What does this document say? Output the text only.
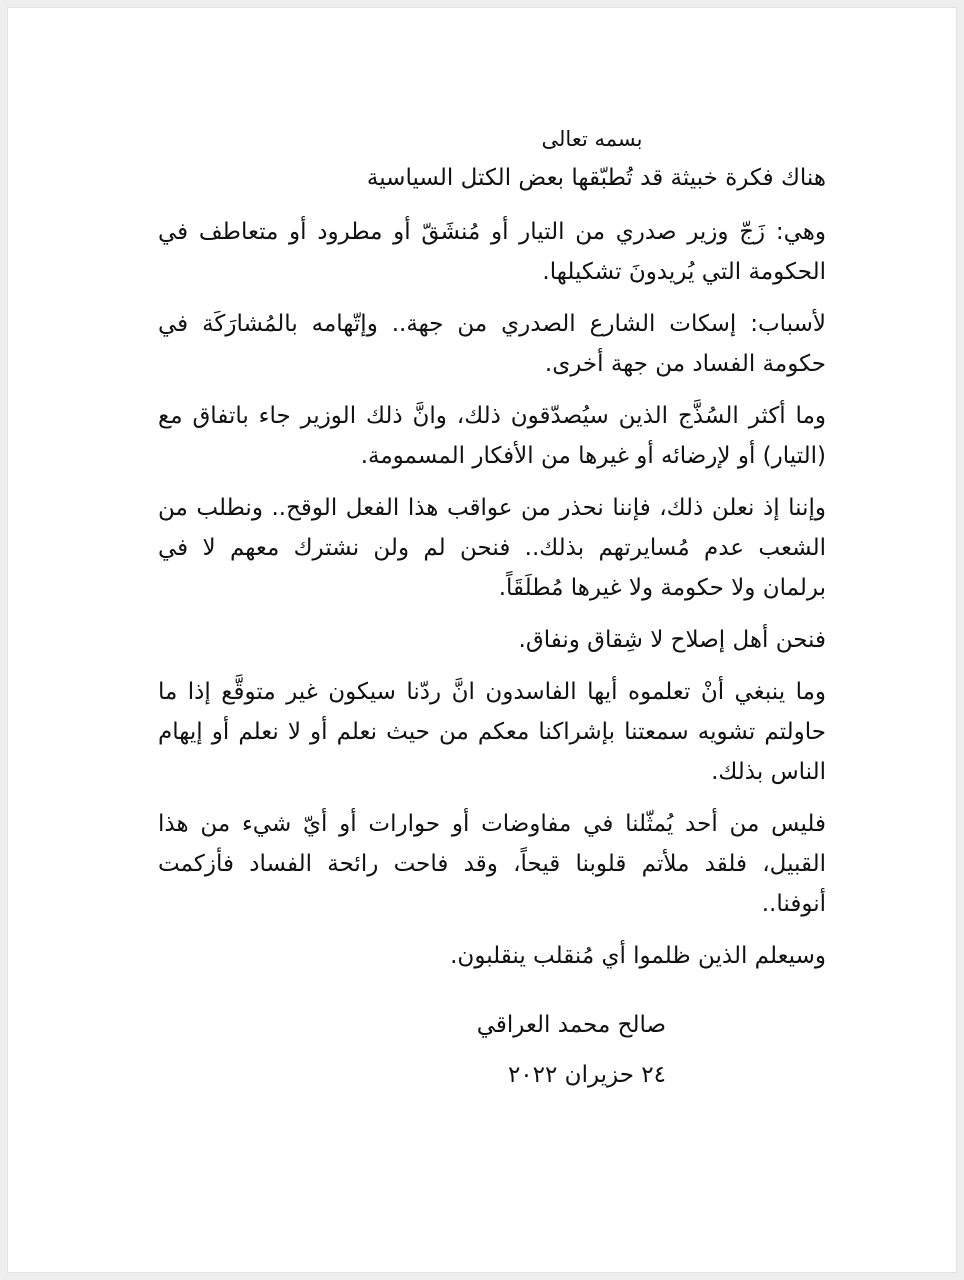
بسمه تعالى

هناك فكرة خبيثة قد تُطبّقها بعض الكتل السياسية

وهي: زَجّ وزير صدري من التيار أو مُنشَقّ أو مطرود أو متعاطف في الحكومة التي يُريدونَ تشكيلها.

لأسباب: إسكات الشارع الصدري من جهة.. وإتّهامه بالمُشارَكَة في حكومة الفساد من جهة أخرى.

وما أكثر السُذَّج الذين سيُصدّقون ذلك، وانَّ ذلك الوزير جاء باتفاق مع (التيار) أو لإرضائه أو غيرها من الأفكار المسمومة.

وإننا إذ نعلن ذلك، فإننا نحذر من عواقب هذا الفعل الوقح.. ونطلب من الشعب عدم مُسايرتهم بذلك.. فنحن لم ولن نشترك معهم لا في برلمان ولا حكومة ولا غيرها مُطلَقَاً.

فنحن أهل إصلاح لا شِقاق ونفاق.

وما ينبغي أنْ تعلموه أيها الفاسدون انَّ ردّنا سيكون غير متوقَّع إذا ما حاولتم تشويه سمعتنا بإشراكنا معكم من حيث نعلم أو لا نعلم أو إيهام الناس بذلك.

فليس من أحد يُمثّلنا في مفاوضات أو حوارات أو أيّ شيء من هذا القبيل، فلقد ملأتم قلوبنا قيحاً، وقد فاحت رائحة الفساد فأزكمت أنوفنا..

وسيعلم الذين ظلموا أي مُنقلب ينقلبون.

صالح محمد العراقي
٢٤ حزيران ٢٠٢٢
